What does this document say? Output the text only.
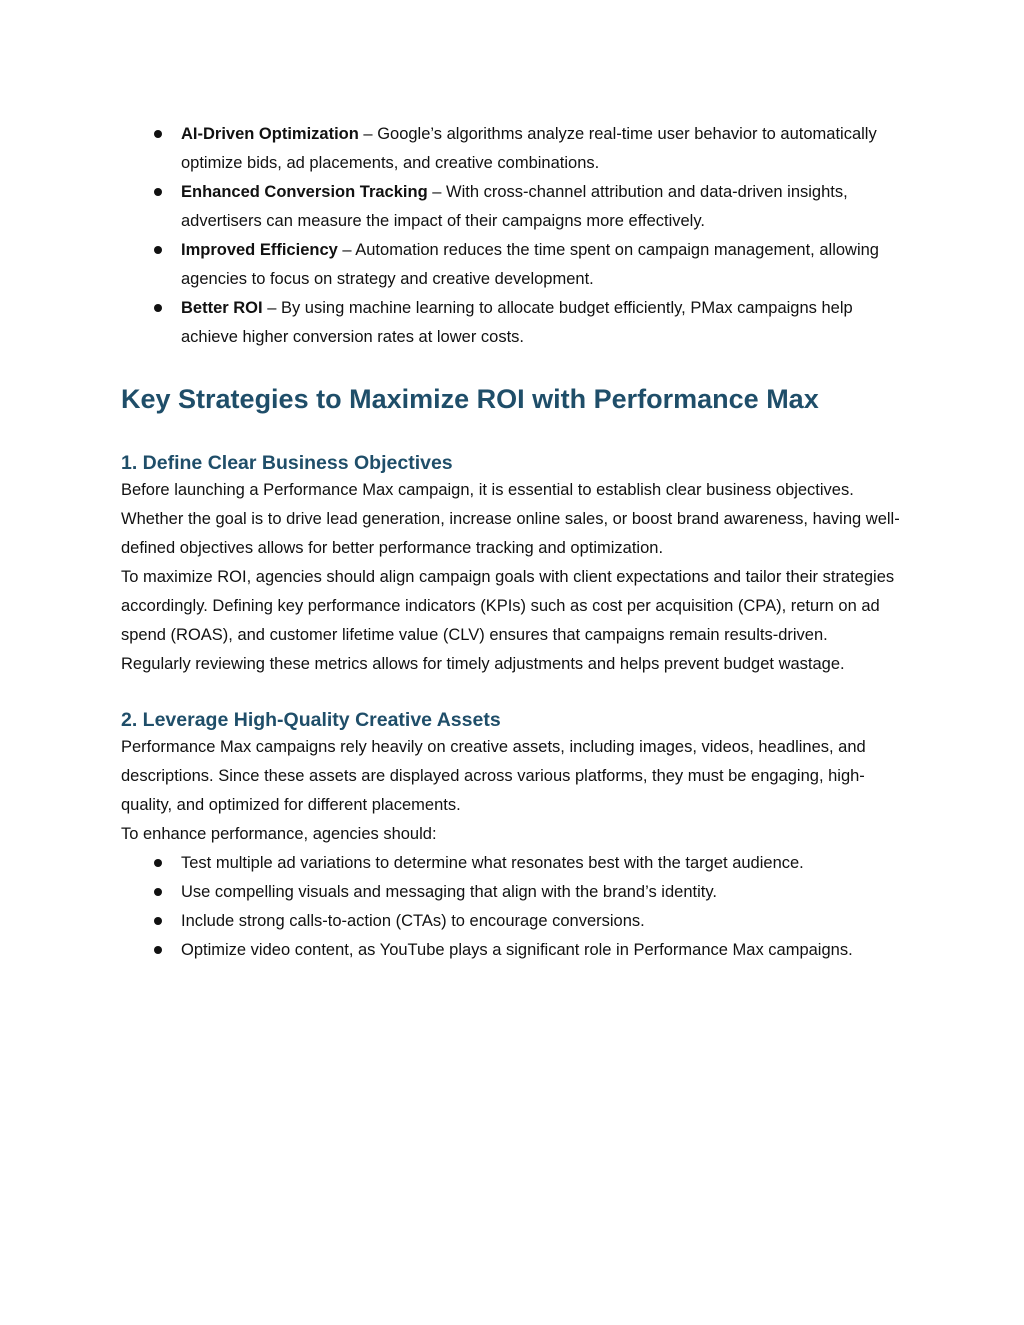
AI-Driven Optimization – Google’s algorithms analyze real-time user behavior to automatically optimize bids, ad placements, and creative combinations.
Enhanced Conversion Tracking – With cross-channel attribution and data-driven insights, advertisers can measure the impact of their campaigns more effectively.
Improved Efficiency – Automation reduces the time spent on campaign management, allowing agencies to focus on strategy and creative development.
Better ROI – By using machine learning to allocate budget efficiently, PMax campaigns help achieve higher conversion rates at lower costs.
Key Strategies to Maximize ROI with Performance Max
1. Define Clear Business Objectives

Before launching a Performance Max campaign, it is essential to establish clear business objectives. Whether the goal is to drive lead generation, increase online sales, or boost brand awareness, having well-defined objectives allows for better performance tracking and optimization.

To maximize ROI, agencies should align campaign goals with client expectations and tailor their strategies accordingly. Defining key performance indicators (KPIs) such as cost per acquisition (CPA), return on ad spend (ROAS), and customer lifetime value (CLV) ensures that campaigns remain results-driven. Regularly reviewing these metrics allows for timely adjustments and helps prevent budget wastage.

2. Leverage High-Quality Creative Assets

Performance Max campaigns rely heavily on creative assets, including images, videos, headlines, and descriptions. Since these assets are displayed across various platforms, they must be engaging, high-quality, and optimized for different placements.

To enhance performance, agencies should:

Test multiple ad variations to determine what resonates best with the target audience.
Use compelling visuals and messaging that align with the brand’s identity.
Include strong calls-to-action (CTAs) to encourage conversions.
Optimize video content, as YouTube plays a significant role in Performance Max campaigns.
